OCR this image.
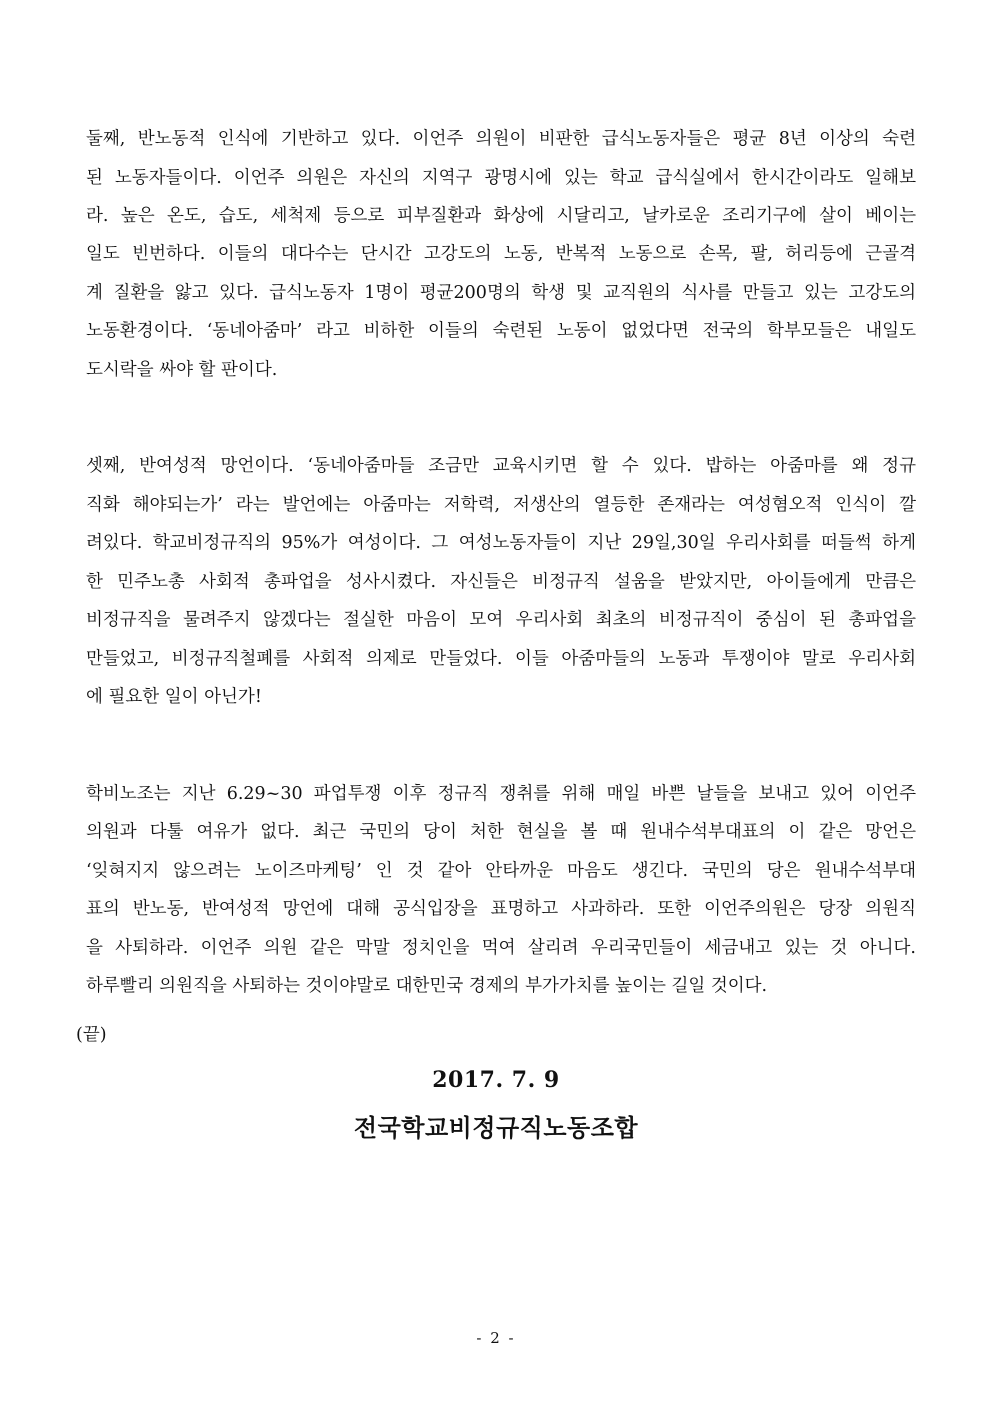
둘째, 반노동적 인식에 기반하고 있다. 이언주 의원이 비판한 급식노동자들은 평균 8년 이상의 숙련
된 노동자들이다. 이언주 의원은 자신의 지역구 광명시에 있는 학교 급식실에서 한시간이라도 일해보
라. 높은 온도, 습도, 세척제 등으로 피부질환과 화상에 시달리고, 날카로운 조리기구에 살이 베이는
일도 빈번하다. 이들의 대다수는 단시간 고강도의 노동, 반복적 노동으로 손목, 팔, 허리등에 근골격
계 질환을 앓고 있다. 급식노동자 1명이 평균200명의 학생 및 교직원의 식사를 만들고 있는 고강도의
노동환경이다. ‘동네아줌마’ 라고 비하한 이들의 숙련된 노동이 없었다면 전국의 학부모들은 내일도
도시락을 싸야 할 판이다.
셋째, 반여성적 망언이다. ‘동네아줌마들 조금만 교육시키면 할 수 있다. 밥하는 아줌마를 왜 정규
직화 해야되는가’ 라는 발언에는 아줌마는 저학력, 저생산의 열등한 존재라는 여성혐오적 인식이 깔
려있다. 학교비정규직의 95%가 여성이다. 그 여성노동자들이 지난 29일,30일 우리사회를 떠들썩 하게
한 민주노총 사회적 총파업을 성사시켰다. 자신들은 비정규직 설움을 받았지만, 아이들에게 만큼은
비정규직을 물려주지 않겠다는 절실한 마음이 모여 우리사회 최초의 비정규직이 중심이 된 총파업을
만들었고, 비정규직철폐를 사회적 의제로 만들었다. 이들 아줌마들의 노동과 투쟁이야 말로 우리사회
에 필요한 일이 아닌가!
학비노조는 지난 6.29~30 파업투쟁 이후 정규직 쟁취를 위해 매일 바쁜 날들을 보내고 있어 이언주
의원과 다툴 여유가 없다. 최근 국민의 당이 처한 현실을 볼 때 원내수석부대표의 이 같은 망언은
‘잊혀지지 않으려는 노이즈마케팅’ 인 것 같아 안타까운 마음도 생긴다. 국민의 당은 원내수석부대
표의 반노동, 반여성적 망언에 대해 공식입장을 표명하고 사과하라. 또한 이언주의원은 당장 의원직
을 사퇴하라. 이언주 의원 같은 막말 정치인을 먹여 살리려 우리국민들이 세금내고 있는 것 아니다.
하루빨리 의원직을 사퇴하는 것이야말로 대한민국 경제의 부가가치를 높이는 길일 것이다.
(끝)
2017. 7. 9
전국학교비정규직노동조합
- 2 -
